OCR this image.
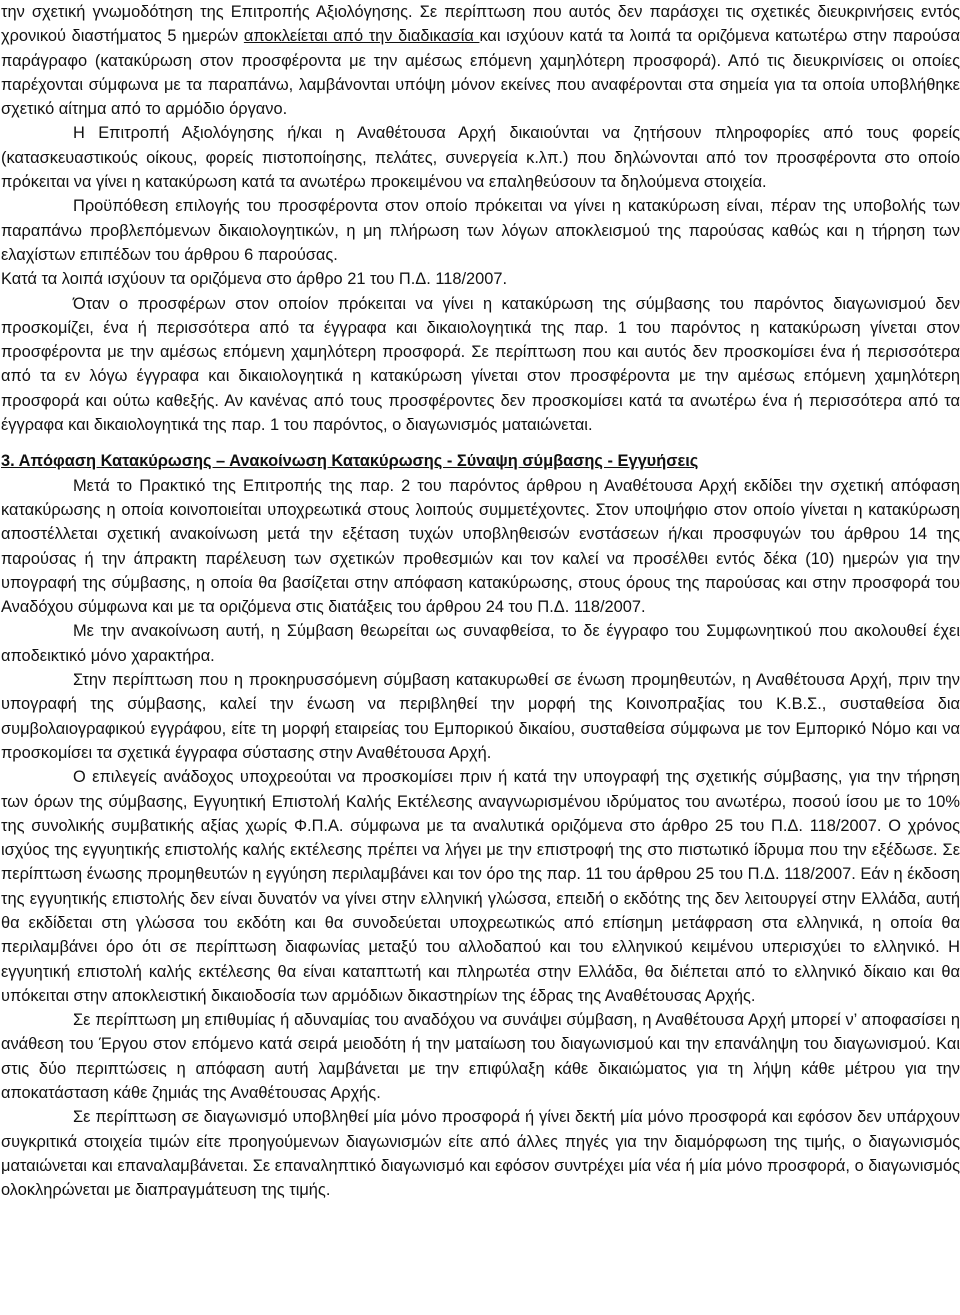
την σχετική γνωμοδότηση της Επιτροπής Αξιολόγησης. Σε περίπτωση που αυτός δεν παράσχει τις σχετικές διευκρινήσεις εντός χρονικού διαστήματος 5 ημερών αποκλείεται από την διαδικασία και ισχύουν κατά τα λοιπά τα οριζόμενα κατωτέρω στην παρούσα παράγραφο (κατακύρωση στον προσφέροντα με την αμέσως επόμενη χαμηλότερη προσφορά). Από τις διευκρινίσεις οι οποίες παρέχονται σύμφωνα με τα παραπάνω, λαμβάνονται υπόψη μόνον εκείνες που αναφέρονται στα σημεία για τα οποία υποβλήθηκε σχετικό αίτημα από το αρμόδιο όργανο.

Η Επιτροπή Αξιολόγησης ή/και η Αναθέτουσα Αρχή δικαιούνται να ζητήσουν πληροφορίες από τους φορείς (κατασκευαστικούς οίκους, φορείς πιστοποίησης, πελάτες, συνεργεία κ.λπ.) που δηλώνονται από τον προσφέροντα στο οποίο πρόκειται να γίνει η κατακύρωση κατά τα ανωτέρω προκειμένου να επαληθεύσουν τα δηλούμενα στοιχεία.

Προϋπόθεση επιλογής του προσφέροντα στον οποίο πρόκειται να γίνει η κατακύρωση είναι, πέραν της υποβολής των παραπάνω προβλεπόμενων δικαιολογητικών, η μη πλήρωση των λόγων αποκλεισμού της παρούσας καθώς και η τήρηση των ελαχίστων επιπέδων του άρθρου 6 παρούσας.

Κατά τα λοιπά ισχύουν τα οριζόμενα στο άρθρο 21 του Π.Δ. 118/2007.

Όταν ο προσφέρων στον οποίον πρόκειται να γίνει η κατακύρωση της σύμβασης του παρόντος διαγωνισμού δεν προσκομίζει, ένα ή περισσότερα από τα έγγραφα και δικαιολογητικά της παρ. 1 του παρόντος η κατακύρωση γίνεται στον προσφέροντα με την αμέσως επόμενη χαμηλότερη προσφορά. Σε περίπτωση που και αυτός δεν προσκομίσει ένα ή περισσότερα από τα εν λόγω έγγραφα και δικαιολογητικά η κατακύρωση γίνεται στον προσφέροντα με την αμέσως επόμενη χαμηλότερη προσφορά και ούτω καθεξής. Αν κανένας από τους προσφέροντες δεν προσκομίσει κατά τα ανωτέρω ένα ή περισσότερα από τα έγγραφα και δικαιολογητικά της παρ. 1 του παρόντος, ο διαγωνισμός ματαιώνεται.

3. Απόφαση Κατακύρωσης – Ανακοίνωση Κατακύρωσης - Σύναψη σύμβασης - Εγγυήσεις

Μετά το Πρακτικό της Επιτροπής της παρ. 2 του παρόντος άρθρου η Αναθέτουσα Αρχή εκδίδει την σχετική απόφαση κατακύρωσης η οποία κοινοποιείται υποχρεωτικά στους λοιπούς συμμετέχοντες. Στον υποψήφιο στον οποίο γίνεται η κατακύρωση αποστέλλεται σχετική ανακοίνωση μετά την εξέταση τυχών υποβληθεισών ενστάσεων ή/και προσφυγών του άρθρου 14 της παρούσας ή την άπρακτη παρέλευση των σχετικών προθεσμιών και τον καλεί να προσέλθει εντός δέκα (10) ημερών για την υπογραφή της σύμβασης, η οποία θα βασίζεται στην απόφαση κατακύρωσης, στους όρους της παρούσας και στην προσφορά του Αναδόχου σύμφωνα και με τα οριζόμενα στις διατάξεις του άρθρου 24 του Π.Δ. 118/2007.

Με την ανακοίνωση αυτή, η Σύμβαση θεωρείται ως συναφθείσα, το δε έγγραφο του Συμφωνητικού που ακολουθεί έχει αποδεικτικό μόνο χαρακτήρα.

Στην περίπτωση που η προκηρυσσόμενη σύμβαση κατακυρωθεί σε ένωση προμηθευτών, η Αναθέτουσα Αρχή, πριν την υπογραφή της σύμβασης, καλεί την ένωση να περιβληθεί την μορφή της Κοινοπραξίας του Κ.Β.Σ., συσταθείσα δια συμβολαιογραφικού εγγράφου, είτε τη μορφή εταιρείας του Εμπορικού δικαίου, συσταθείσα σύμφωνα με τον Εμπορικό Νόμο και να προσκομίσει τα σχετικά έγγραφα σύστασης στην Αναθέτουσα Αρχή.

Ο επιλεγείς ανάδοχος υποχρεούται να προσκομίσει πριν ή κατά την υπογραφή της σχετικής σύμβασης, για την τήρηση των όρων της σύμβασης, Εγγυητική Επιστολή Καλής Εκτέλεσης αναγνωρισμένου ιδρύματος του ανωτέρω, ποσού ίσου με το 10% της συνολικής συμβατικής αξίας χωρίς Φ.Π.Α. σύμφωνα με τα αναλυτικά οριζόμενα στο άρθρο 25 του Π.Δ. 118/2007. Ο χρόνος ισχύος της εγγυητικής επιστολής καλής εκτέλεσης πρέπει να λήγει με την επιστροφή της στο πιστωτικό ίδρυμα που την εξέδωσε. Σε περίπτωση ένωσης προμηθευτών η εγγύηση περιλαμβάνει και τον όρο της παρ. 11 του άρθρου 25 του Π.Δ. 118/2007. Εάν η έκδοση της εγγυητικής επιστολής δεν είναι δυνατόν να γίνει στην ελληνική γλώσσα, επειδή ο εκδότης της δεν λειτουργεί στην Ελλάδα, αυτή θα εκδίδεται στη γλώσσα του εκδότη και θα συνοδεύεται υποχρεωτικώς από επίσημη μετάφραση στα ελληνικά, η οποία θα περιλαμβάνει όρο ότι σε περίπτωση διαφωνίας μεταξύ του αλλοδαπού και του ελληνικού κειμένου υπερισχύει το ελληνικό. Η εγγυητική επιστολή καλής εκτέλεσης θα είναι καταπτωτή και πληρωτέα στην Ελλάδα, θα διέπεται από το ελληνικό δίκαιο και θα υπόκειται στην αποκλειστική δικαιοδοσία των αρμόδιων δικαστηρίων της έδρας της Αναθέτουσας Αρχής.

Σε περίπτωση μη επιθυμίας ή αδυναμίας του αναδόχου να συνάψει σύμβαση, η Αναθέτουσα Αρχή μπορεί ν’ αποφασίσει η ανάθεση του Έργου στον επόμενο κατά σειρά μειοδότη ή την ματαίωση του διαγωνισμού και την επανάληψη του διαγωνισμού. Και στις δύο περιπτώσεις η απόφαση αυτή λαμβάνεται με την επιφύλαξη κάθε δικαιώματος για τη λήψη κάθε μέτρου για την αποκατάσταση κάθε ζημιάς της Αναθέτουσας Αρχής.

Σε περίπτωση σε διαγωνισμό υποβληθεί μία μόνο προσφορά ή γίνει δεκτή μία μόνο προσφορά και εφόσον δεν υπάρχουν συγκριτικά στοιχεία τιμών είτε προηγούμενων διαγωνισμών είτε από άλλες πηγές για την διαμόρφωση της τιμής, ο διαγωνισμός ματαιώνεται και επαναλαμβάνεται. Σε επαναληπτικό διαγωνισμό και εφόσον συντρέχει μία νέα ή μία μόνο προσφορά, ο διαγωνισμός ολοκληρώνεται με διαπραγμάτευση της τιμής.
